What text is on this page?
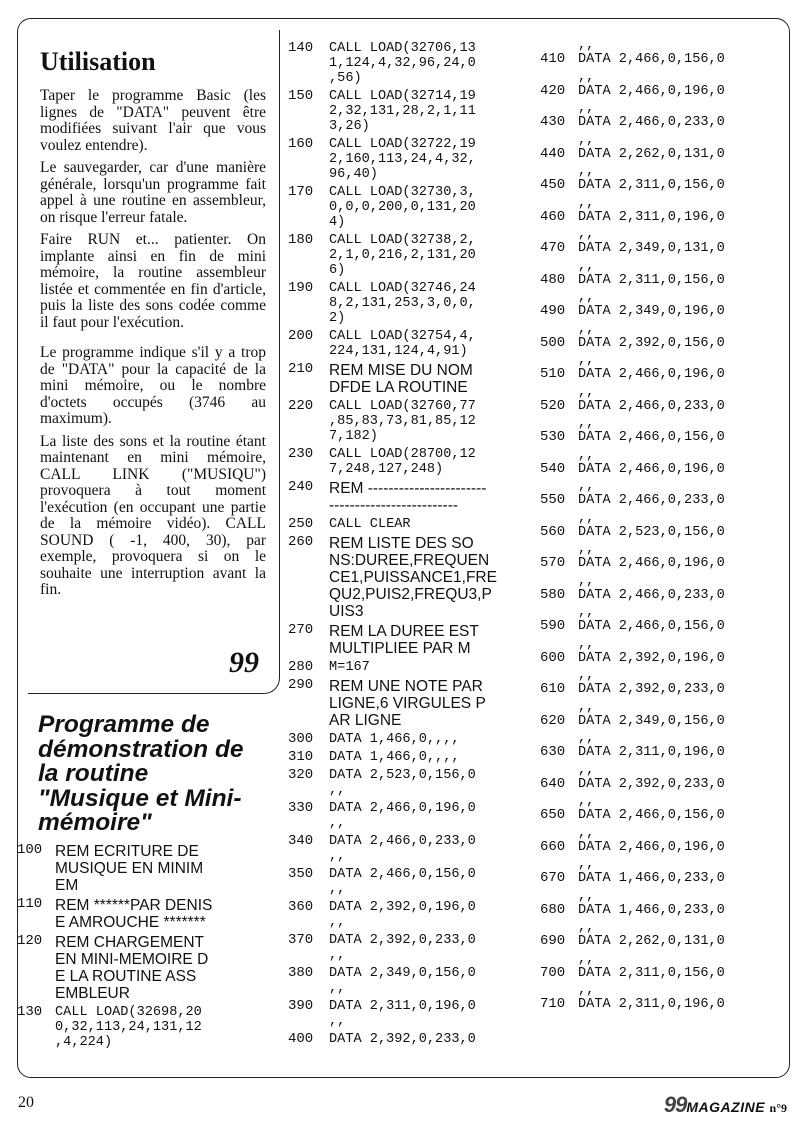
Utilisation

Taper le programme Basic (les lignes de "DATA" peuvent être modifiées suivant l'air que vous voulez entendre).

Le sauvegarder, car d'une manière générale, lorsqu'un programme fait appel à une routine en assembleur, on risque l'erreur fatale.

Faire RUN et... patienter. On implante ainsi en fin de mini mémoire, la routine assembleur listée et commentée en fin d'article, puis la liste des sons codée comme il faut pour l'exécution.

Le programme indique s'il y a trop de "DATA" pour la capacité de la mini mémoire, ou le nombre d'octets occupés (3746 au maximum).

La liste des sons et la routine étant maintenant en mini mémoire, CALL LINK ("MUSIQU") provoquera à tout moment l'exécution (en occupant une partie de la mémoire vidéo). CALL SOUND ( -1, 400, 30), par exemple, provoquera si on le souhaite une interruption avant la fin.

99
Programme de démonstration de la routine "Musique et Mini-mémoire"
100 REM ECRITURE DE
MUSIQUE EN MINIM
EM
110 REM ******PAR DENIS
E AMROUCHE *******
120 REM CHARGEMENT
EN MINI-MEMOIRE D
E LA ROUTINE ASS
EMBLEUR
130 CALL LOAD(32698,20
0,32,113,24,131,12
,4,224)
140 CALL LOAD(32706,13
1,124,4,32,96,24,0
,56)
150 CALL LOAD(32714,19
2,32,131,28,2,1,11
3,26)
160 CALL LOAD(32722,19
2,160,113,24,4,32,
96,40)
170 CALL LOAD(32730,3,
0,0,0,200,0,131,20
4)
180 CALL LOAD(32738,2,
2,1,0,216,2,131,20
6)
190 CALL LOAD(32746,24
8,2,131,253,3,0,0,
2)
200 CALL LOAD(32754,4,
224,131,124,4,91)
210 REM MISE DU NOM
DFDE LA ROUTINE
220 CALL LOAD(32760,77
,85,83,73,81,85,12
7,182)
230 CALL LOAD(28700,12
7,248,127,248)
240 REM -----------------------
-------------------------
250 CALL CLEAR
260 REM LISTE DES SO
NS:DUREE,FREQUEN
CE1,PUISSANCE1,FRE
QU2,PUIS2,FREQU3,P
UIS3
270 REM LA DUREE EST
MULTIPLIEE PAR M
280 M=167
290 REM UNE NOTE PAR
LIGNE,6 VIRGULES P
AR LIGNE
300 DATA 1,466,0,,,,
310 DATA 1,466,0,,,,
320 DATA 2,523,0,156,0
,,
330 DATA 2,466,0,196,0
,,
340 DATA 2,466,0,233,0
,,
350 DATA 2,466,0,156,0
,,
360 DATA 2,392,0,196,0
,,
370 DATA 2,392,0,233,0
,,
380 DATA 2,349,0,156,0
,,
390 DATA 2,311,0,196,0
,,
400 DATA 2,392,0,233,0
410 DATA 2,466,0,156,0
,,
420 DATA 2,466,0,196,0
,,
430 DATA 2,466,0,233,0
,,
440 DATA 2,262,0,131,0
,,
450 DATA 2,311,0,156,0
,,
460 DATA 2,311,0,196,0
,,
470 DATA 2,349,0,131,0
,,
480 DATA 2,311,0,156,0
,,
490 DATA 2,349,0,196,0
,,
500 DATA 2,392,0,156,0
,,
510 DATA 2,466,0,196,0
,,
520 DATA 2,466,0,233,0
,,
530 DATA 2,466,0,156,0
,,
540 DATA 2,466,0,196,0
,,
550 DATA 2,466,0,233,0
,,
560 DATA 2,523,0,156,0
,,
570 DATA 2,466,0,196,0
,,
580 DATA 2,466,0,233,0
,,
590 DATA 2,466,0,156,0
,,
600 DATA 2,392,0,196,0
,,
610 DATA 2,392,0,233,0
,,
620 DATA 2,349,0,156,0
,,
630 DATA 2,311,0,196,0
,,
640 DATA 2,392,0,233,0
,,
650 DATA 2,466,0,156,0
,,
660 DATA 2,466,0,196,0
,,
670 DATA 1,466,0,233,0
,,
680 DATA 1,466,0,233,0
,,
690 DATA 2,262,0,131,0
,,
700 DATA 2,311,0,156,0
,,
710 DATA 2,311,0,196,0
,,
20	99MAGAZINE n°9
